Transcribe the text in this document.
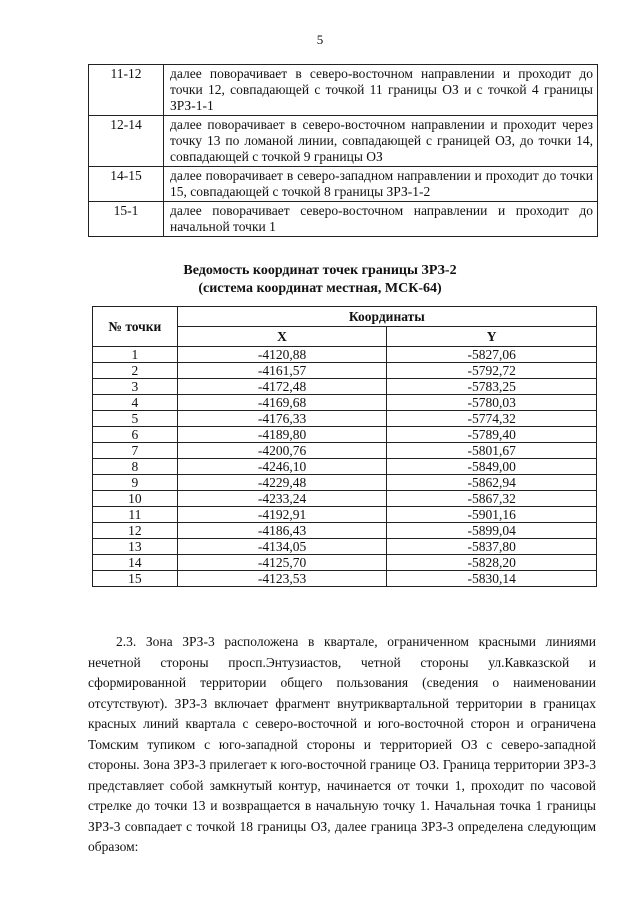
5
11-12	далее поворачивает в северо-восточном направлении и проходит до точки 12, совпадающей с точкой 11 границы ОЗ и с точкой 4 границы ЗРЗ-1-1
12-14	далее поворачивает в северо-восточном направлении и проходит через точку 13 по ломаной линии, совпадающей с границей ОЗ, до точки 14, совпадающей с точкой 9 границы ОЗ
14-15	далее поворачивает в северо-западном направлении и проходит до точки 15, совпадающей с точкой 8 границы ЗРЗ-1-2
15-1	далее поворачивает северо-восточном направлении и проходит до начальной точки 1
Ведомость координат точек границы ЗРЗ-2
(система координат местная, МСК-64)
№ точки	Координаты	
	X	Y
1	-4120,88	-5827,06
2	-4161,57	-5792,72
3	-4172,48	-5783,25
4	-4169,68	-5780,03
5	-4176,33	-5774,32
6	-4189,80	-5789,40
7	-4200,76	-5801,67
8	-4246,10	-5849,00
9	-4229,48	-5862,94
10	-4233,24	-5867,32
11	-4192,91	-5901,16
12	-4186,43	-5899,04
13	-4134,05	-5837,80
14	-4125,70	-5828,20
15	-4123,53	-5830,14

2.3. Зона ЗРЗ-3 расположена в квартале, ограниченном красными линиями нечетной стороны просп.Энтузиастов, четной стороны ул.Кавказской и сформированной территории общего пользования (сведения о наименовании отсутствуют). ЗРЗ-3 включает фрагмент внутриквартальной территории в границах красных линий квартала с северо-восточной и юго-восточной сторон и ограничена Томским тупиком с юго-западной стороны и территорией ОЗ с северо-западной стороны. Зона ЗРЗ-3 прилегает к юго-восточной границе ОЗ. Граница территории ЗРЗ-3 представляет собой замкнутый контур, начинается от точки 1, проходит по часовой стрелке до точки 13 и возвращается в начальную точку 1. Начальная точка 1 границы ЗРЗ-3 совпадает с точкой 18 границы ОЗ, далее граница ЗРЗ-3 определена следующим образом:
